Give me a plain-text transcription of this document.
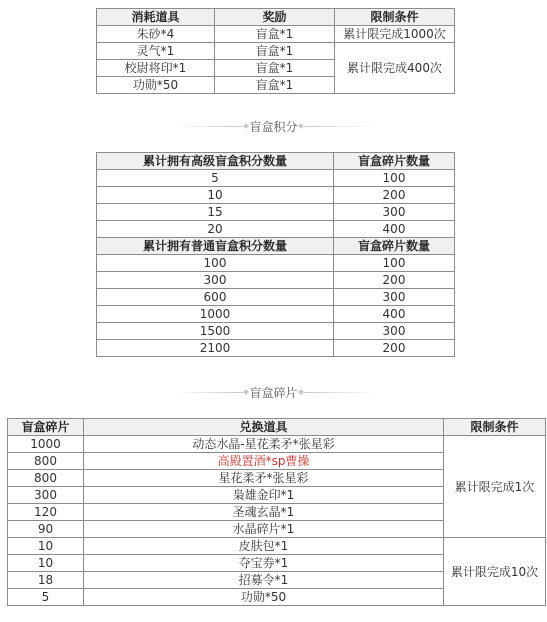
消耗道具	奖励	限制条件
朱砂*4	盲盒*1	累计限完成1000次
灵气*1	盲盒*1	累计限完成400次
校尉将印*1	盲盒*1	
功勋*50	盲盒*1	
盲盒积分
累计拥有高级盲盒积分数量	盲盒碎片数量
5	100
10	200
15	300
20	400
累计拥有普通盲盒积分数量	盲盒碎片数量
100	100
300	200
600	300
1000	400
1500	300
2100	200
盲盒碎片
盲盒碎片	兑换道具	限制条件
1000	动态水晶-星花柔矛*张星彩	累计限完成1次
800	高殿置酒*sp曹操	
800	星花柔矛*张星彩	
300	枭雄金印*1	
120	圣魂玄晶*1	
90	水晶碎片*1	
10	皮肤包*1	累计限完成10次
10	夺宝券*1	
18	招募令*1	
5	功勋*50	
